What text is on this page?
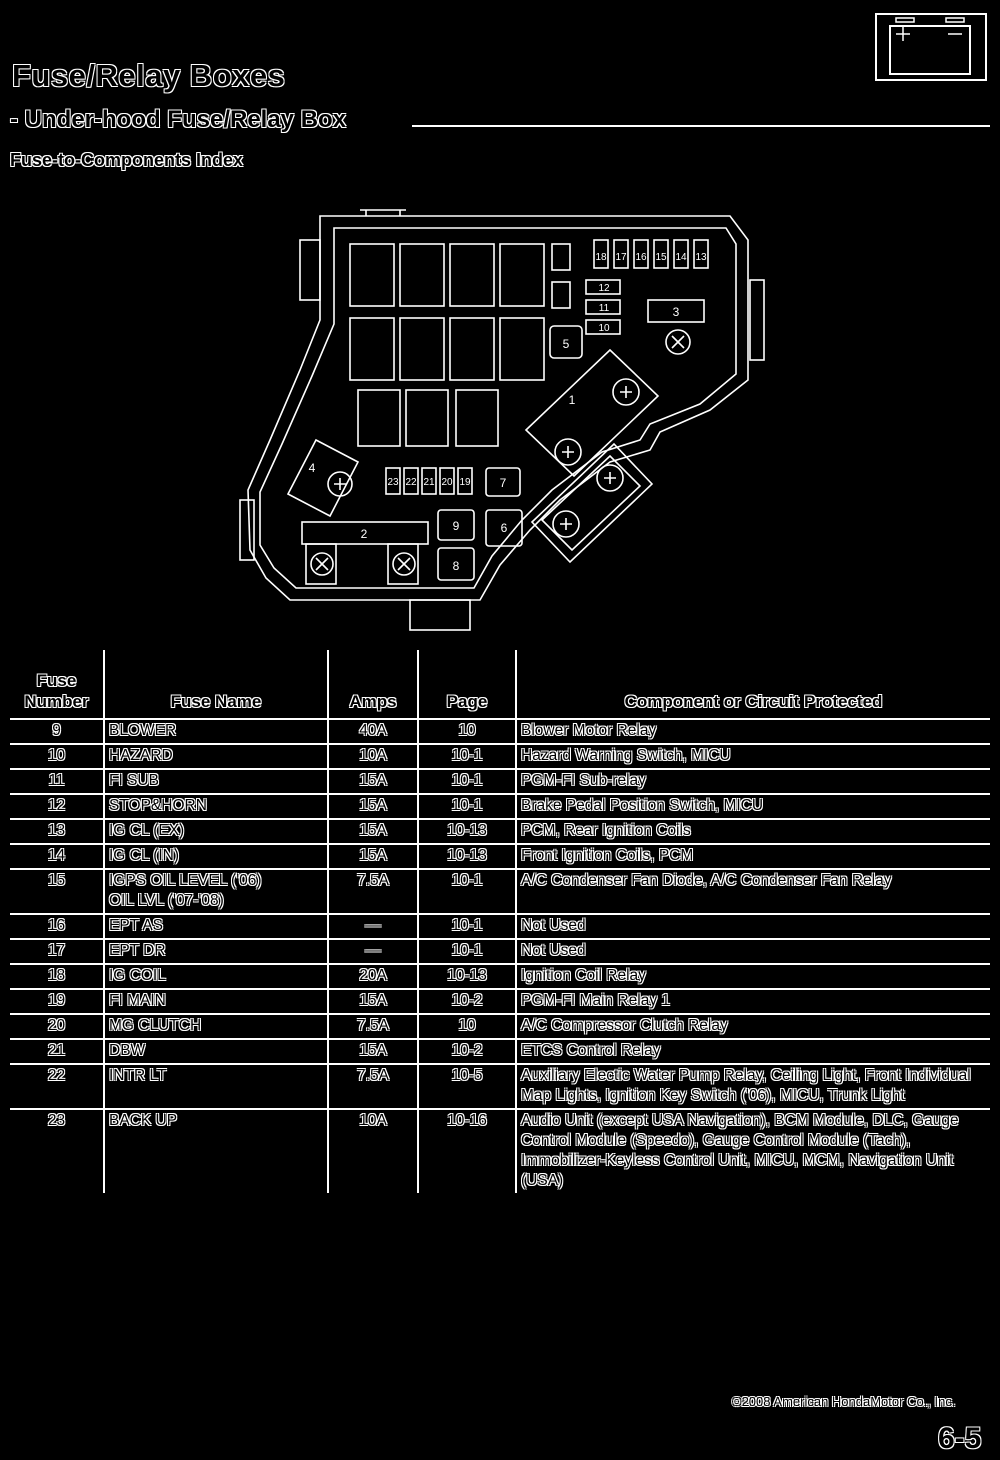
Fuse/Relay Boxes
- Under-hood Fuse/Relay Box
Fuse-to-Components Index
1
2
3
4
5
6
7
8
9
10
11
12
13
14
15
16
17
18
19
20
21
22
23
Fuse
Number	Fuse Name	Amps	Page	Component or Circuit Protected
9	BLOWER	40A	10	Blower Motor Relay
10	HAZARD	10A	10-1	Hazard Warning Switch, MICU
11	FI SUB	15A	10-1	PGM-FI Sub-relay
12	STOP&HORN	15A	10-1	Brake Pedal Position Switch, MICU
13	IG CL (EX)	15A	10-13	PCM, Rear Ignition Coils
14	IG CL (IN)	15A	10-13	Front Ignition Coils, PCM
15	IGPS OIL LEVEL ('06)
OIL LVL ('07-'08)	7.5A	10-1	A/C Condenser Fan Diode, A/C Condenser Fan Relay
16	EPT AS	—	10-1	Not Used
17	EPT DR	—	10-1	Not Used
18	IG COIL	20A	10-13	Ignition Coil Relay
19	FI MAIN	15A	10-2	PGM-FI Main Relay 1
20	MG CLUTCH	7.5A	10	A/C Compressor Clutch Relay
21	DBW	15A	10-2	ETCS Control Relay
22	INTR LT	7.5A	10-5	Auxiliary Electic Water Pump Relay, Ceiling Light, Front Individual Map Lights, Ignition Key Switch ('06), MICU, Trunk Light
23	BACK UP	10A	10-16	Audio Unit (except USA Navigation), BCM Module, DLC, Gauge Control Module (Speedo), Gauge Control Module (Tach), Immobilizer-Keyless Control Unit, MICU, MCM, Navigation Unit (USA)
©2008 American HondaMotor Co., Inc.
6-5
